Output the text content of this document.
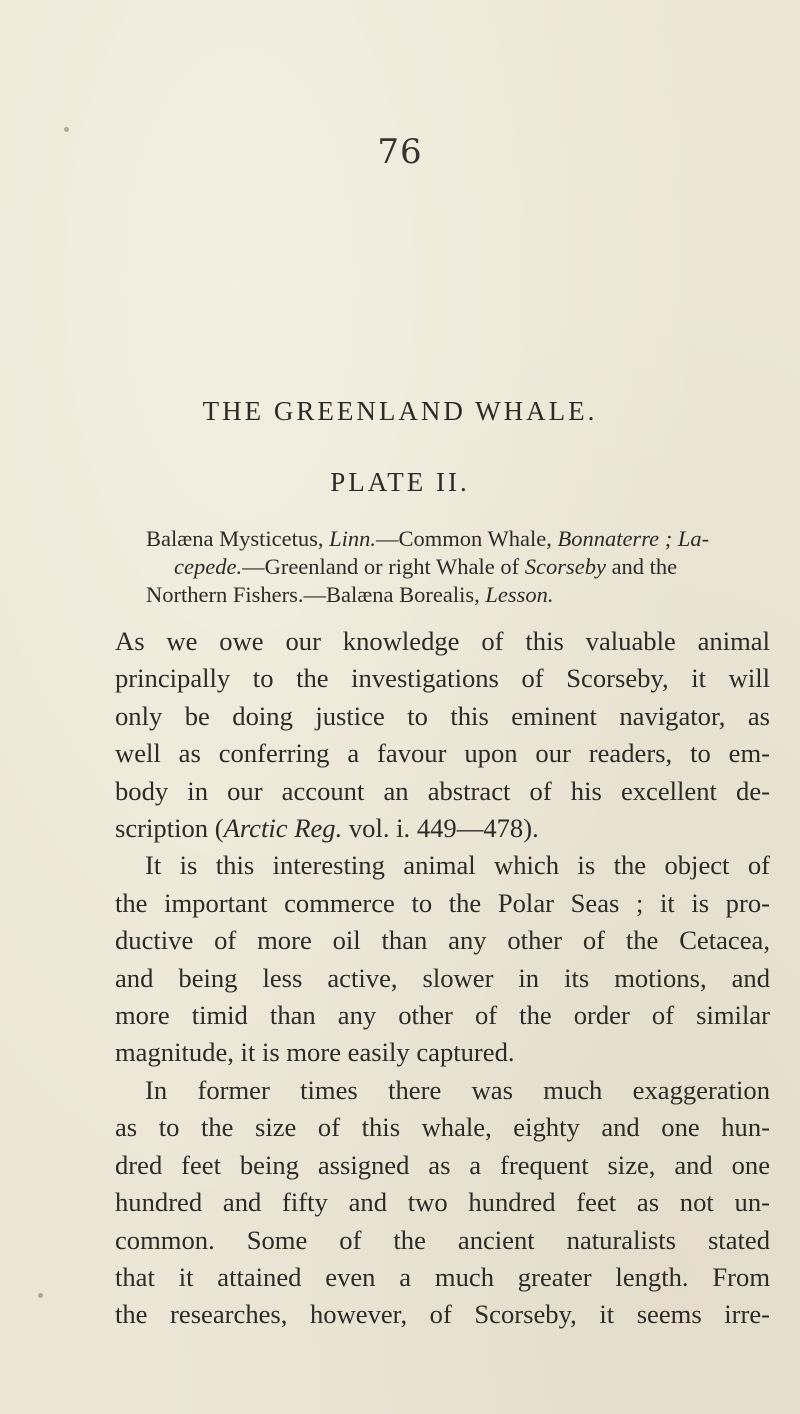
76
THE GREENLAND WHALE.
PLATE II.
Balæna Mysticetus, Linn.—Common Whale, Bonnaterre ; La-
cepede.—Greenland or right Whale of Scorseby and the
Northern Fishers.—Balæna Borealis, Lesson.
As we owe our knowledge of this valuable animal
principally to the investigations of Scorseby, it will
only be doing justice to this eminent navigator, as
well as conferring a favour upon our readers, to em-
body in our account an abstract of his excellent de-
scription (Arctic Reg. vol. i. 449—478).
It is this interesting animal which is the object of
the important commerce to the Polar Seas ; it is pro-
ductive of more oil than any other of the Cetacea,
and being less active, slower in its motions, and
more timid than any other of the order of similar
magnitude, it is more easily captured.
In former times there was much exaggeration
as to the size of this whale, eighty and one hun-
dred feet being assigned as a frequent size, and one
hundred and fifty and two hundred feet as not un-
common. Some of the ancient naturalists stated
that it attained even a much greater length. From
the researches, however, of Scorseby, it seems irre-
